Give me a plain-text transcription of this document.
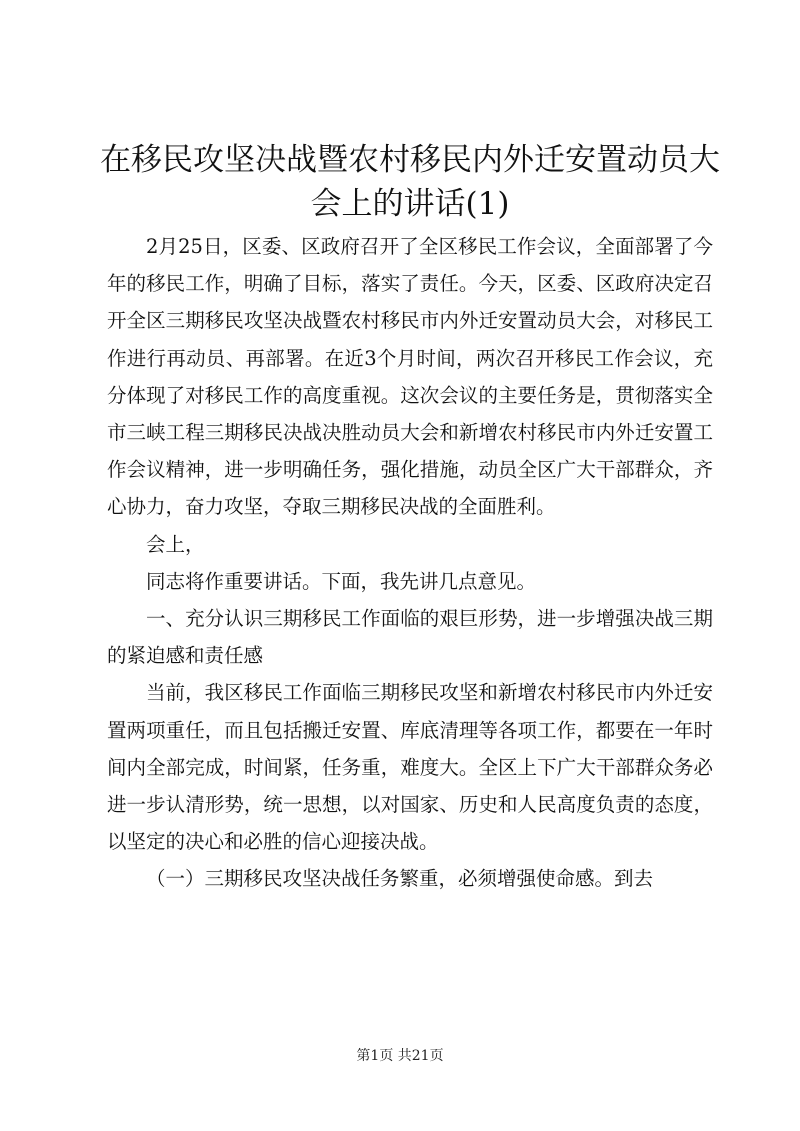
在移民攻坚决战暨农村移民内外迁安置动员大会上的讲话(1)

2月25日，区委、区政府召开了全区移民工作会议，全面部署了今年的移民工作，明确了目标，落实了责任。今天，区委、区政府决定召开全区三期移民攻坚决战暨农村移民市内外迁安置动员大会，对移民工作进行再动员、再部署。在近3个月时间，两次召开移民工作会议，充分体现了对移民工作的高度重视。这次会议的主要任务是，贯彻落实全市三峡工程三期移民决战决胜动员大会和新增农村移民市内外迁安置工作会议精神，进一步明确任务，强化措施，动员全区广大干部群众，齐心协力，奋力攻坚，夺取三期移民决战的全面胜利。

会上，

同志将作重要讲话。下面，我先讲几点意见。

一、充分认识三期移民工作面临的艰巨形势，进一步增强决战三期的紧迫感和责任感

当前，我区移民工作面临三期移民攻坚和新增农村移民市内外迁安置两项重任，而且包括搬迁安置、库底清理等各项工作，都要在一年时间内全部完成，时间紧，任务重，难度大。全区上下广大干部群众务必进一步认清形势，统一思想，以对国家、历史和人民高度负责的态度，以坚定的决心和必胜的信心迎接决战。

（一）三期移民攻坚决战任务繁重，必须增强使命感。到去

第1页 共21页
